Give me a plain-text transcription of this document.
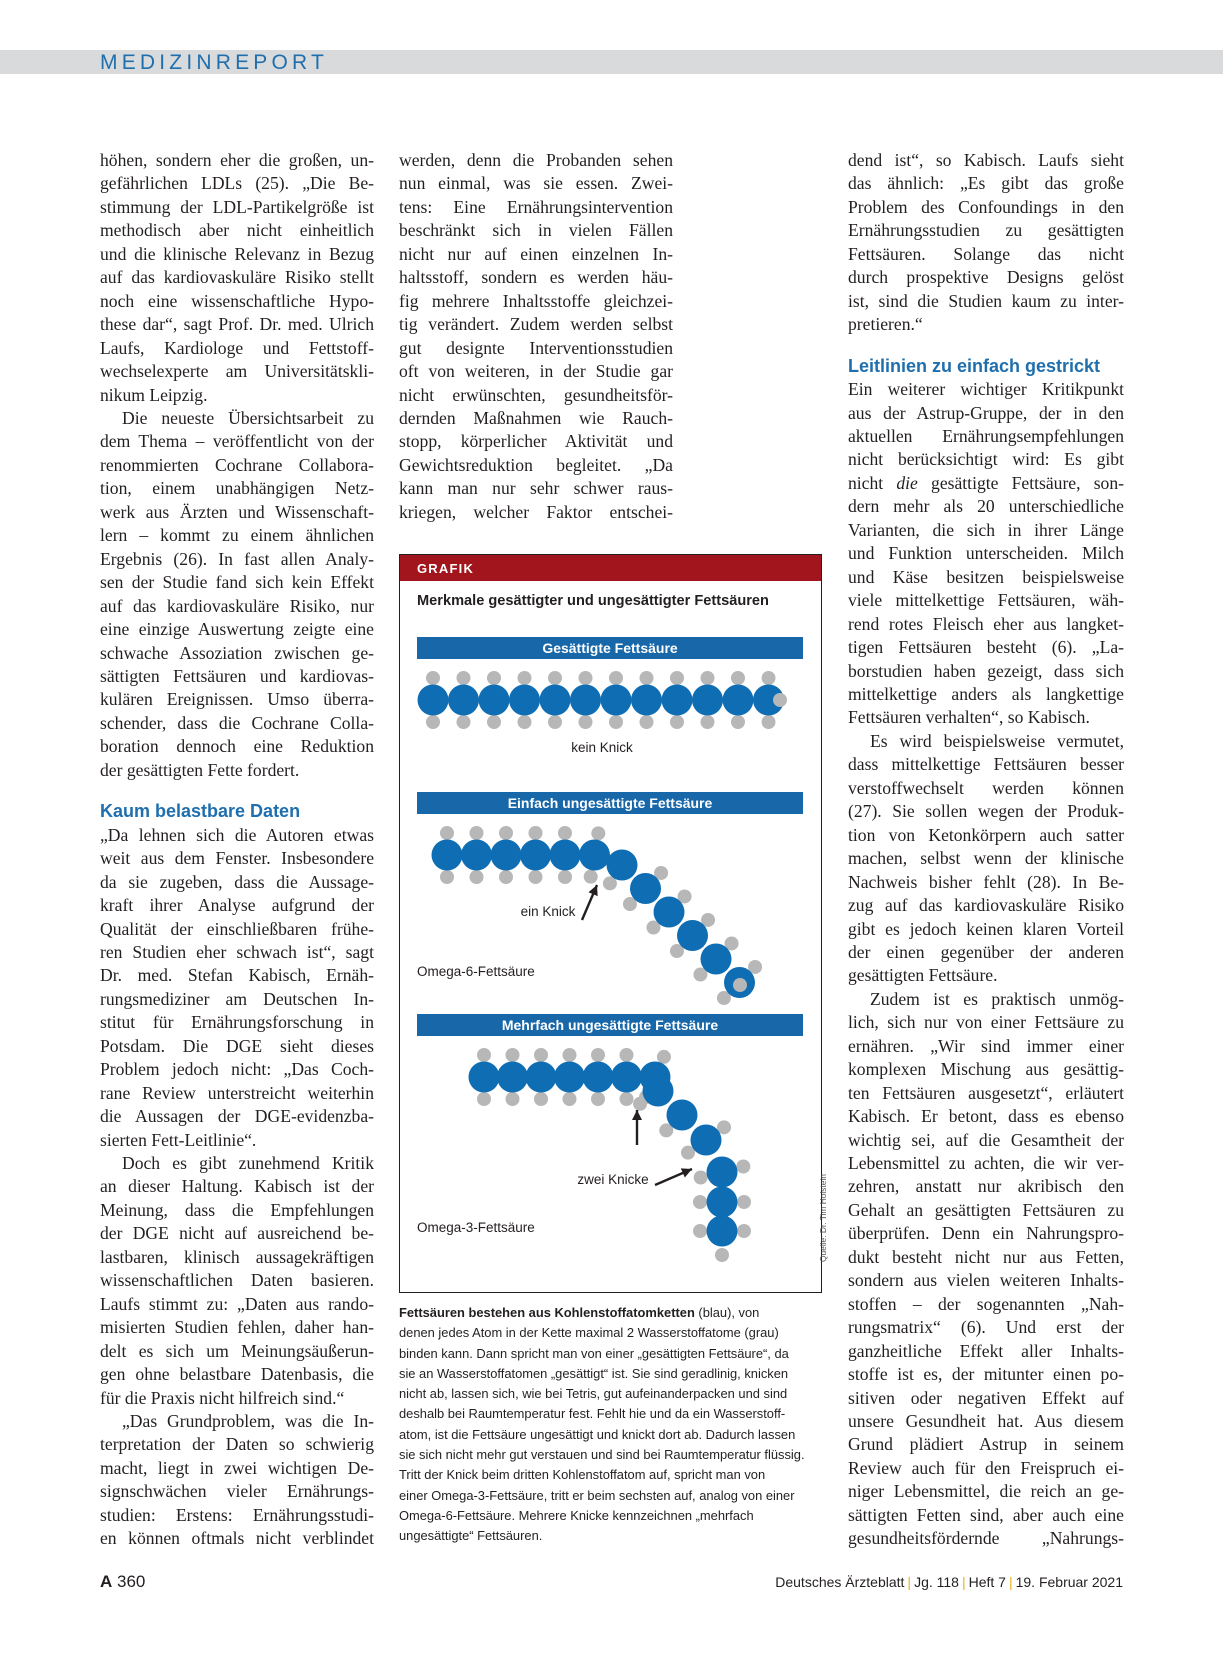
MEDIZINREPORT
höhen, sondern eher die großen, un-
gefährlichen LDLs (25). „Die Be-
stimmung der LDL-Partikelgröße ist
methodisch aber nicht einheitlich
und die klinische Relevanz in Bezug
auf das kardiovaskuläre Risiko stellt
noch eine wissenschaftliche Hypo-
these dar“, sagt Prof. Dr. med. Ulrich
Laufs, Kardiologe und Fettstoff-
wechselexperte am Universitätskli-
nikum Leipzig.
Die neueste Übersichtsarbeit zu
dem Thema – veröffentlicht von der
renommierten Cochrane Collabora-
tion, einem unabhängigen Netz-
werk aus Ärzten und Wissenschaft-
lern – kommt zu einem ähnlichen
Ergebnis (26). In fast allen Analy-
sen der Studie fand sich kein Effekt
auf das kardiovaskuläre Risiko, nur
eine einzige Auswertung zeigte eine
schwache Assoziation zwischen ge-
sättigten Fettsäuren und kardiovas-
kulären Ereignissen. Umso überra-
schender, dass die Cochrane Colla-
boration dennoch eine Reduktion
der gesättigten Fette fordert.
Kaum belastbare Daten
„Da lehnen sich die Autoren etwas
weit aus dem Fenster. Insbesondere
da sie zugeben, dass die Aussage-
kraft ihrer Analyse aufgrund der
Qualität der einschließbaren frühe-
ren Studien eher schwach ist“, sagt
Dr. med. Stefan Kabisch, Ernäh-
rungsmediziner am Deutschen In-
stitut für Ernährungsforschung in
Potsdam. Die DGE sieht dieses
Problem jedoch nicht: „Das Coch-
rane Review unterstreicht weiterhin
die Aussagen der DGE-evidenzba-
sierten Fett-Leitlinie“.
Doch es gibt zunehmend Kritik
an dieser Haltung. Kabisch ist der
Meinung, dass die Empfehlungen
der DGE nicht auf ausreichend be-
lastbaren, klinisch aussagekräftigen
wissenschaftlichen Daten basieren.
Laufs stimmt zu: „Daten aus rando-
misierten Studien fehlen, daher han-
delt es sich um Meinungsäußerun-
gen ohne belastbare Datenbasis, die
für die Praxis nicht hilfreich sind.“
„Das Grundproblem, was die In-
terpretation der Daten so schwierig
macht, liegt in zwei wichtigen De-
signschwächen vieler Ernährungs-
studien: Erstens: Ernährungsstudi-
en können oftmals nicht verblindet
werden, denn die Probanden sehen
nun einmal, was sie essen. Zwei-
tens: Eine Ernährungsintervention
beschränkt sich in vielen Fällen
nicht nur auf einen einzelnen In-
haltsstoff, sondern es werden häu-
fig mehrere Inhaltsstoffe gleichzei-
tig verändert. Zudem werden selbst
gut designte Interventionsstudien
oft von weiteren, in der Studie gar
nicht erwünschten, gesundheitsför-
dernden Maßnahmen wie Rauch-
stopp, körperlicher Aktivität und
Gewichtsreduktion begleitet. „Da
kann man nur sehr schwer raus-
kriegen, welcher Faktor entschei-
GRAFIK
Merkmale gesättigter und ungesättigter Fettsäuren
Gesättigte Fettsäure
kein Knick
Einfach ungesättigte Fettsäure
ein Knick
Omega-6-Fettsäure
Mehrfach ungesättigte Fettsäure
zwei Knicke
Omega-3-Fettsäure	Quelle: Dr. Tim Holstein
Fettsäuren bestehen aus Kohlenstoffatomketten (blau), von
denen jedes Atom in der Kette maximal 2 Wasserstoffatome (grau)
binden kann. Dann spricht man von einer „gesättigten Fettsäure“, da
sie an Wasserstoffatomen „gesättigt“ ist. Sie sind geradlinig, knicken
nicht ab, lassen sich, wie bei Tetris, gut aufeinanderpacken und sind
deshalb bei Raumtemperatur fest. Fehlt hie und da ein Wasserstoff-
atom, ist die Fettsäure ungesättigt und knickt dort ab. Dadurch lassen
sie sich nicht mehr gut verstauen und sind bei Raumtemperatur flüssig.
Tritt der Knick beim dritten Kohlenstoffatom auf, spricht man von
einer Omega-3-Fettsäure, tritt er beim sechsten auf, analog von einer
Omega-6-Fettsäure. Mehrere Knicke kennzeichnen „mehrfach
ungesättigte“ Fettsäuren.
dend ist“, so Kabisch. Laufs sieht
das ähnlich: „Es gibt das große
Problem des Confoundings in den
Ernährungsstudien zu gesättigten
Fettsäuren. Solange das nicht
durch prospektive Designs gelöst
ist, sind die Studien kaum zu inter-
pretieren.“
Leitlinien zu einfach gestrickt
Ein weiterer wichtiger Kritikpunkt
aus der Astrup-Gruppe, der in den
aktuellen Ernährungsempfehlungen
nicht berücksichtigt wird: Es gibt
nicht die gesättigte Fettsäure, son-
dern mehr als 20 unterschiedliche
Varianten, die sich in ihrer Länge
und Funktion unterscheiden. Milch
und Käse besitzen beispielsweise
viele mittelkettige Fettsäuren, wäh-
rend rotes Fleisch eher aus langket-
tigen Fettsäuren besteht (6). „La-
borstudien haben gezeigt, dass sich
mittelkettige anders als langkettige
Fettsäuren verhalten“, so Kabisch.
Es wird beispielsweise vermutet,
dass mittelkettige Fettsäuren besser
verstoffwechselt werden können
(27). Sie sollen wegen der Produk-
tion von Ketonkörpern auch satter
machen, selbst wenn der klinische
Nachweis bisher fehlt (28). In Be-
zug auf das kardiovaskuläre Risiko
gibt es jedoch keinen klaren Vorteil
der einen gegenüber der anderen
gesättigten Fettsäure.
Zudem ist es praktisch unmög-
lich, sich nur von einer Fettsäure zu
ernähren. „Wir sind immer einer
komplexen Mischung aus gesättig-
ten Fettsäuren ausgesetzt“, erläutert
Kabisch. Er betont, dass es ebenso
wichtig sei, auf die Gesamtheit der
Lebensmittel zu achten, die wir ver-
zehren, anstatt nur akribisch den
Gehalt an gesättigten Fettsäuren zu
überprüfen. Denn ein Nahrungspro-
dukt besteht nicht nur aus Fetten,
sondern aus vielen weiteren Inhalts-
stoffen – der sogenannten „Nah-
rungsmatrix“ (6). Und erst der
ganzheitliche Effekt aller Inhalts-
stoffe ist es, der mitunter einen po-
sitiven oder negativen Effekt auf
unsere Gesundheit hat. Aus diesem
Grund plädiert Astrup in seinem
Review auch für den Freispruch ei-
niger Lebensmittel, die reich an ge-
sättigten Fetten sind, aber auch eine
gesundheitsfördernde „Nahrungs-
A 360	Deutsches Ärzteblatt | Jg. 118 | Heft 7 | 19. Februar 2021
